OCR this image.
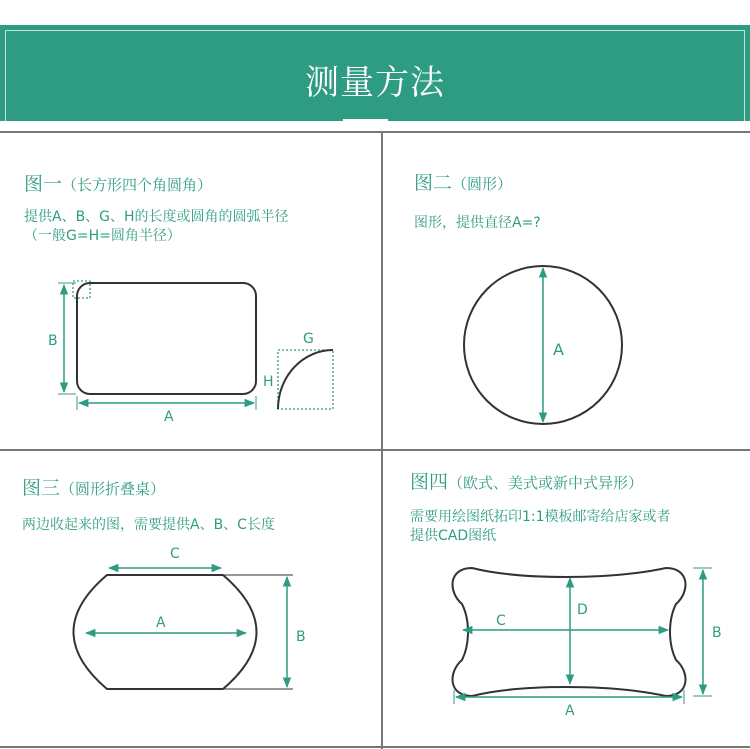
测量方法
图一（长方形四个角圆角）
提供A、B、G、H的长度或圆角的圆弧半径
（一般G=H=圆角半径）
图二（圆形）
图形，提供直径A=?
图三（圆形折叠桌）
两边收起来的图，需要提供A、B、C长度
图四（欧式、美式或新中式异形）
需要用绘图纸拓印1:1模板邮寄给店家或者
提供CAD图纸
B
A
G
H
A
B
C
A
D
C
B
A
